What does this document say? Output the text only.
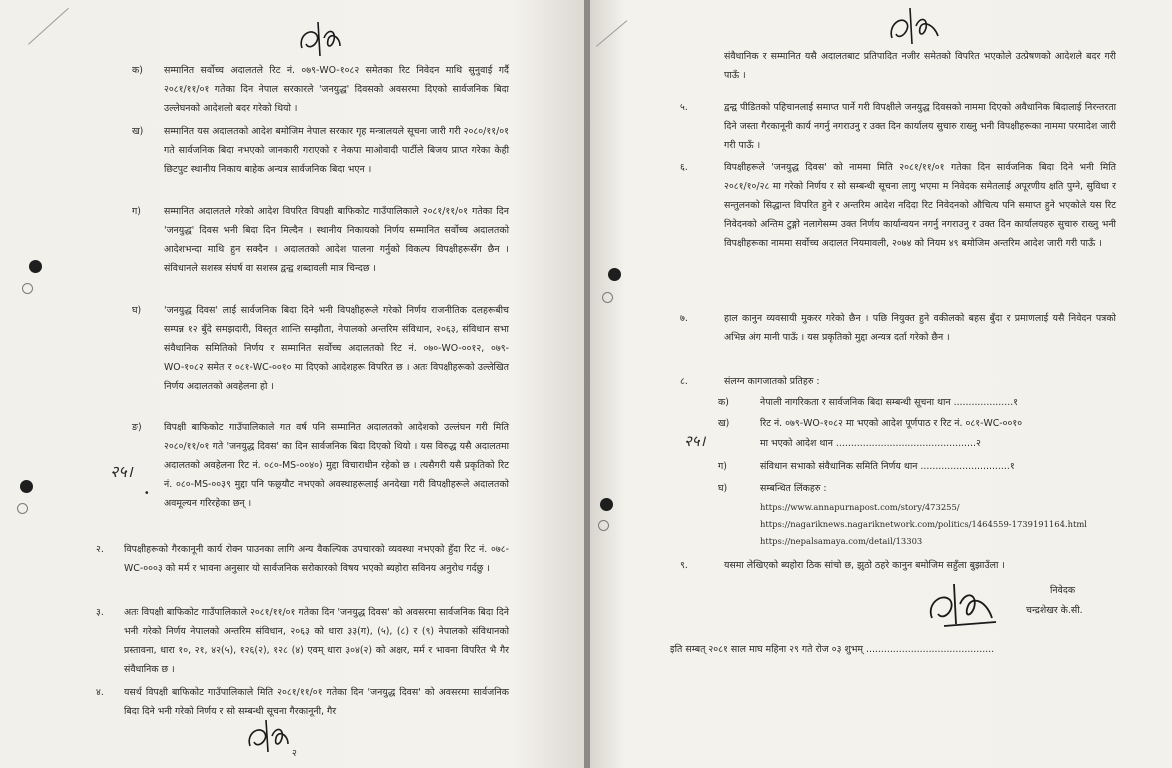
क) सम्मानित सर्वोच्च अदालतले रिट नं. ०७९-WO-१०८२ समेतका रिट निवेदन माथि सुनुवाई गर्दै २०८१/११/०१ गतेका दिन नेपाल सरकारले 'जनयुद्ध' दिवसको अवसरमा दिएको सार्वजनिक बिदा उल्लेघनको आदेशलो बदर गरेको थियो ।
ख) सम्मानित यस अदालतको आदेश बमोजिम नेपाल सरकार गृह मन्त्रालयले सूचना जारी गरी २०८०/११/०१ गते सार्वजनिक बिदा नभएको जानकारी गराएको र नेकपा माओवादी पार्टीले बिजय प्राप्त गरेका केही छिटपुट स्थानीय निकाय बाहेक अन्यत्र सार्वजनिक बिदा भएन ।
ग) सम्मानित अदालतले गरेको आदेश विपरित विपक्षी बाफिकोट गाउँपालिकाले २०८१/११/०१ गतेका दिन 'जनयुद्ध' दिवस भनी बिदा दिन मिल्दैन । स्थानीय निकायको निर्णय सम्मानित सर्वोच्च अदालतको आदेशभन्दा माथि हुन सक्दैन । अदालतको आदेश पालना गर्नुको विकल्प विपक्षीहरूसँग छैन । संविधानले सशस्त्र संघर्ष वा सशस्त्र द्वन्द्व शब्दावली मात्र चिन्दछ ।
घ) 'जनयुद्ध दिवस' लाई सार्वजनिक बिदा दिने भनी विपक्षीहरूले गरेको निर्णय राजनीतिक दलहरूबीच सम्पन्न १२ बुँदे समझदारी, विस्तृत शान्ति सम्झौता, नेपालको अन्तरिम संविधान, २०६३, संविधान सभा संवैधानिक समितिको निर्णय र सम्मानित सर्वोच्च अदालतको रिट नं. ०७०-WO-००१२, ०७९-WO-१०८२ समेत र ०८१-WC-००१० मा दिएको आदेशहरू विपरित छ । अतः विपक्षीहरूको उल्लेखित निर्णय अदालतको अवहेलना हो ।
ङ) विपक्षी बाफिकोट गाउँपालिकाले गत वर्ष पनि सम्मानित अदालतको आदेशको उल्लंघन गरी मिति २०८०/११/०१ गते 'जनयुद्ध दिवस' का दिन सार्वजनिक बिदा दिएको थियो । यस विरुद्ध यसै अदालतमा अदालतको अवहेलना रिट नं. ०८०-MS-००४०) मुद्दा विचाराधीन रहेको छ । त्यसैगरी यसै प्रकृतिको रिट नं. ०८०-MS-००३९ मुद्दा पनि फछ्र्यौट नभएको अवस्थाहरूलाई अनदेखा गरी विपक्षीहरूले अदालतको अवमूल्यन गरिरहेका छन् ।
२५।
•
२. विपक्षीहरूको गैरकानूनी कार्य रोक्न पाउनका लागि अन्य वैकल्पिक उपचारको व्यवस्था नभएको हुँदा रिट नं. ०७८-WC-०००३ को मर्म र भावना अनुसार यो सार्वजनिक सरोकारको विषय भएको ब्यहोरा सविनय अनुरोध गर्दछु ।
३. अतः विपक्षी बाफिकोट गाउँपालिकाले २०८१/११/०१ गतेका दिन 'जनयुद्ध दिवस' को अवसरमा सार्वजनिक बिदा दिने भनी गरेको निर्णय नेपालको अन्तरिम संविधान, २०६३ को धारा ३३(ग), (५), (८) र (९) नेपालको संविधानको प्रस्तावना, धारा १०, २१, ४२(५), १२६(२), १२८ (४) एवम् धारा ३०४(२) को अक्षर, मर्म र भावना विपरित भै गैर संवैधानिक छ ।
४. यसर्थ विपक्षी बाफिकोट गाउँपालिकाले मिति २०८१/११/०१ गतेका दिन 'जनयुद्ध दिवस' को अवसरमा सार्वजनिक बिदा दिने भनी गरेको निर्णय र सो सम्बन्धी सूचना गैरकानूनी, गैर
२
संवैधानिक र सम्मानित यसै अदालतबाट प्रतिपादित नजीर समेतको विपरित भएकोले उत्प्रेषणको आदेशले बदर गरी पाऊँ ।
५.	द्वन्द्व पीडितको पहिचानलाई समाप्त पार्ने गरी विपक्षीले जनयुद्ध दिवसको नाममा दिएको अवैधानिक बिदालाई निरन्तरता दिने जस्ता गैरकानूनी कार्य नगर्नु नगराउनु र उक्त दिन कार्यालय सुचारु राख्नु भनी विपक्षीहरूका नाममा परमादेश जारी गरी पाऊँ ।
६.	विपक्षीहरूले 'जनयुद्ध दिवस' को नाममा मिति २०८१/११/०१ गतेका दिन सार्वजनिक बिदा दिने भनी मिति २०८१/१०/२८ मा गरेको निर्णय र सो सम्बन्धी सूचना लागु भएमा म निवेदक समेतलाई अपूरणीय क्षति पुग्ने, सुविधा र सन्तुलनको सिद्धान्त विपरित हुने र अन्तरिम आदेश नदिदा रिट निवेदनको औचित्य पनि समाप्त हुने भएकोले यस रिट निवेदनको अन्तिम टुङ्गो नलागेसम्म उक्त निर्णय कार्यान्वयन नगर्नु नगराउनु र उक्त दिन कार्यालयहरु सुचारु राख्नु भनी विपक्षीहरूका नाममा सर्वोच्च अदालत नियमावली, २०७४ को नियम ४९ बमोजिम अन्तरिम आदेश जारी गरी पाऊँ ।
७.	हाल कानुन व्यवसायी मुकरर गरेको छैन । पछि नियुक्त हुने वकीलको बहस बुँदा र प्रमाणलाई यसै निवेदन पत्रको अभिन्न अंग मानी पाऊँ । यस प्रकृतिको मुद्दा अन्यत्र दर्ता गरेको छैन ।
८.	संलग्न कागजातको प्रतिहरु :
क)	नेपाली नागरिकता र सार्वजनिक बिदा सम्बन्धी सूचना थान ....................१
ख)	रिट नं. ०७९-WO-१०८२ मा भएको आदेश पूर्णपाठ र रिट नं. ०८१-WC-००१०
२५।	मा भएको आदेश थान ...............................................२
ग)	संविधान सभाको संवैधानिक समिति निर्णय थान ..............................१
घ)	सम्बन्धित लिंकहरु :
https://www.annapurnapost.com/story/473255/
https://nagariknews.nagariknetwork.com/politics/1464559-1739191164.html
https://nepalsamaya.com/detail/13303
९.	यसमा लेखिएको ब्यहोरा ठिक सांचो छ, झुठो ठहरे कानुन बमोजिम सहुँला बुझाउँला ।
निवेदक
चन्द्रशेखर के.सी.
इति सम्बत् २०८१ साल माघ महिना २९ गते रोज ०३ शुभम् ...........................................
